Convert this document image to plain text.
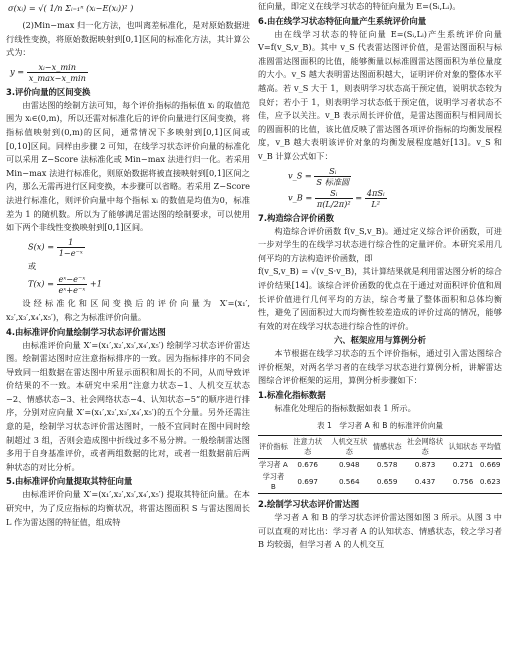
σ(xᵢ) = √( 1/n Σᵢ₌₁ⁿ (xᵢ−E(xᵢ))² )

(2)Min−max 归一化方法，也叫离差标准化，是对原始数据进行线性变换，将原始数据映射到[0,1]区间的标准化方法，其计算公式为：

$y = \frac{\text{xᵢ−x\_min}}{x\_\max-x\_\min}$
3.评价向量的区间变换

由雷达图的绘制方法可知，每个评价指标的指标值 xᵢ 的取值范围为 xᵢ∈(0,m)，所以还需对标准化后的评价向量进行区间变换，将指标值映射到(0,m)的区间，通常情况下多映射到[0,1]区间或[0,10]区间。同样由步骤 2 可知，在线学习状态评价向量的标准化可以采用 Z−Score 法标准化或 Min−max 法进行归一化。若采用 Min−max 法进行标准化，则原始数据将被直接映射到[0,1]区间之内，那么无需再进行区间变换，本步骤可以省略。若采用 Z−Score 法进行标准化，则评价向量中每个指标 xᵢ 的数值是均值为0，标准差为 1 的随机数。所以为了能够满足雷达图的绘制要求，可以使用如下两个非线性变换映射到[0,1]区间。

$S(x) = \frac{1}{\text{1−e⁻ˣ}}$
或
$T(x) = \frac{\text{eˣ−e⁻ˣ}}{\text{eˣ+e⁻ˣ}} +1$

设经标准化和区间变换后的评价向量为 X′=(x₁′, x₂′,x₃′,x₄′,x₅′)，称之为标准评价向量。

4.由标准评价向量绘制学习状态评价雷达图

由标准评价向量 X′=(x₁′,x₂′,x₃′,x₄′,x₅′) 绘制学习状态评价雷达图。绘制雷达图时应注意指标排序的一致。因为指标排序的不同会导致同一组数据在雷达图中所显示面积和周长的不同，从而导致评价结果的不一致。本研究中采用“注意力状态−1、人机交互状态−2、情感状态−3、社会网络状态−4、认知状态−5”的顺序进行排序，分别对应向量 X′=(x₁′,x₂′,x₃′,x₄′,x₅′)的五个分量。另外还需注意的是，绘制学习状态评价雷达图时，一般不宜同时在图中同时绘制超过 3 组，否则会造成图中折线过多不易分辨。一般绘制雷达图多用于自身基准评价，或者两组数据的比对，或者一组数据前后两种状态的对比分析。

5.由标准评价向量提取其特征向量

由标准评价向量 X′=(x₁′,x₂′,x₃′,x₄′,x₅′) 提取其特征向量。在本研究中，为了反应指标的均衡状况，将雷达图面积 S 与雷达图周长 L 作为雷达图的特征值，组成特

征向量，即定义在线学习状态的特征向量为 E=(Sᵢ,Lᵢ)。

6.由在线学习状态特征向量产生系统评价向量

由在线学习状态的特征向量 E=(Sᵢ,Lᵢ)产生系统评价向量 V=f(v_S,v_B)。其中 v_S 代表雷达图评价值，是雷达图面积与标准圆雷达图面积的比值，能够衡量以标准圆雷达图面积为单位量度的大小。v_S 越大表明雷达图面积越大，证明评价对象的整体水平越高。若 v_S 大于 1，则表明学习状态高于预定值，说明状态较为良好；若小于 1，则表明学习状态低于预定值，说明学习者状态不佳，应予以关注。v_B 表示周长评价值，是雷达图面积与相同周长的圆面积的比值，该比值反映了雷达图各项评价指标的均衡发展程度，v_B 越大表明该评价对象的均衡发展程度越好[13]。v_S 和 v_B 计算公式如下：

v_S = $\frac{\text{Sᵢ}}{\text{S 标准圆}}$
v_B = $\frac{\text{Sᵢ}}{\text{π(L/2π)²}} = \frac{\text{4πSᵢ}}{\text{L²}}$
7.构造综合评价函数

构造综合评价函数 f(v_S,v_B)。通过定义综合评价函数，可进一步对学生的在线学习状态进行综合性的定量评价。本研究采用几何平均的方法构造评价函数，即

f(v_S,v_B) = √(v_S·v_B)，其计算结果就是利用雷达图分析的综合评价结果[14]。该综合评价函数的优点在于通过对面积评价值和周长评价值进行几何平均的方法，综合考量了整体面积和总体均衡性，避免了因面积过大而均衡性较差造成的评价过高的情况，能够有效的对在线学习状态进行综合性的评价。

六、框架应用与算例分析

本节根据在线学习状态的五个评价指标，通过引入雷达图综合评价框架，对两名学习者的在线学习状态进行算例分析，讲解雷达图综合评价框架的运用，算例分析步骤如下：

1.标准化指标数据

标准化处理后的指标数据如表 1 所示。

表 1　学习者 A 和 B 的标准评价向量
评价指标	注意力状态	人机交互状态	情感状态	社会网络状态	认知状态	平均值
学习者 A	0.676	0.948	0.578	0.873	0.271	0.669
学习者 B	0.697	0.564	0.659	0.437	0.756	0.623
2.绘制学习状态评价雷达图

学习者 A 和 B 的学习状态评价雷达图如图 3 所示。从图 3 中可以直观的对比出：学习者 A 的认知状态、情感状态，较之学习者 B 均较弱，但学习者 A 的人机交互
